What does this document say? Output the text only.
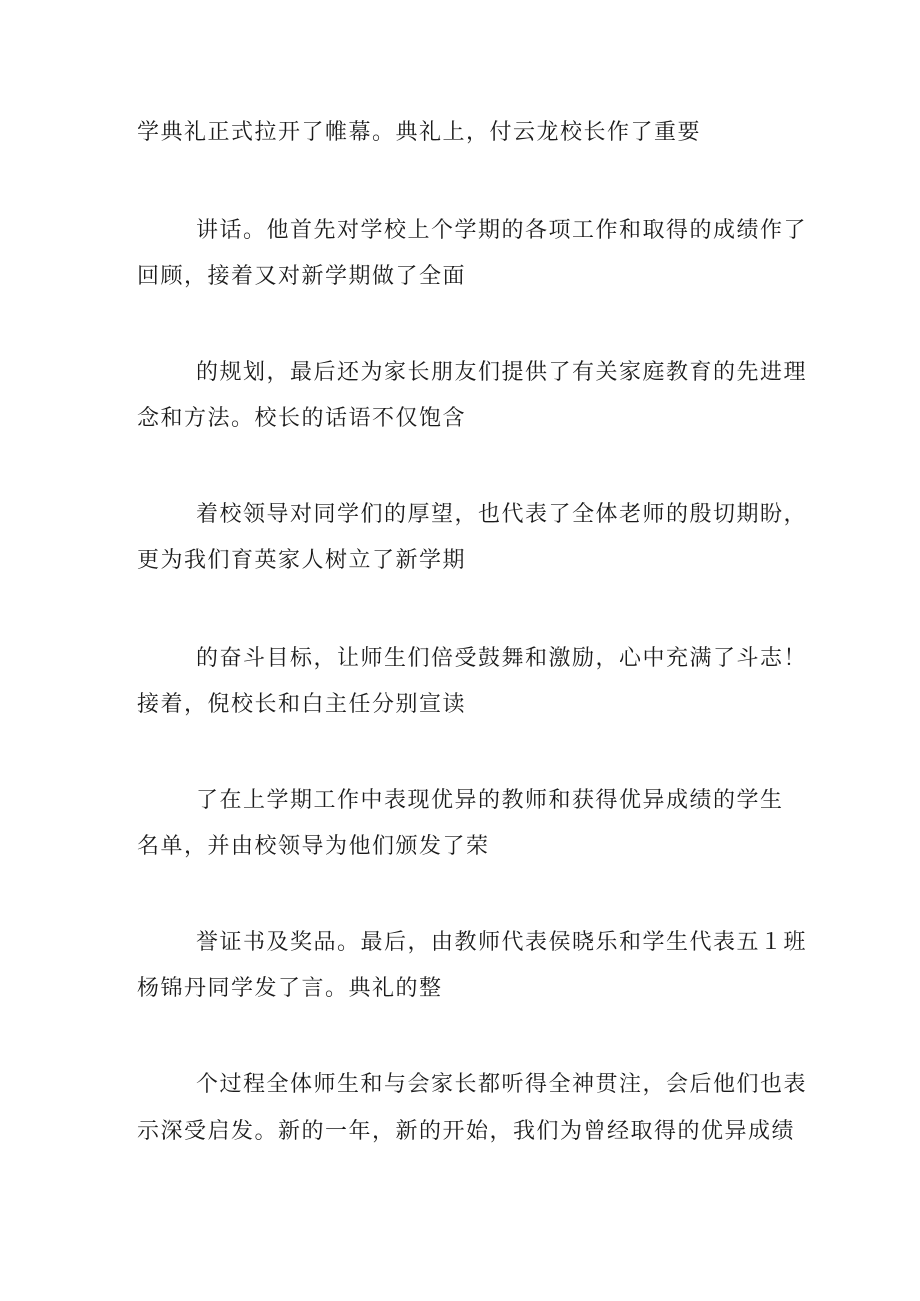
学典礼正式拉开了帷幕。典礼上，付云龙校长作了重要
讲话。他首先对学校上个学期的各项工作和取得的成绩作了
回顾，接着又对新学期做了全面
的规划，最后还为家长朋友们提供了有关家庭教育的先进理
念和方法。校长的话语不仅饱含
着校领导对同学们的厚望，也代表了全体老师的殷切期盼，
更为我们育英家人树立了新学期
的奋斗目标，让师生们倍受鼓舞和激励，心中充满了斗志！
接着，倪校长和白主任分别宣读
了在上学期工作中表现优异的教师和获得优异成绩的学生
名单，并由校领导为他们颁发了荣
誉证书及奖品。最后，由教师代表侯晓乐和学生代表五１班
杨锦丹同学发了言。典礼的整
个过程全体师生和与会家长都听得全神贯注，会后他们也表
示深受启发。新的一年，新的开始，我们为曾经取得的优异成绩
